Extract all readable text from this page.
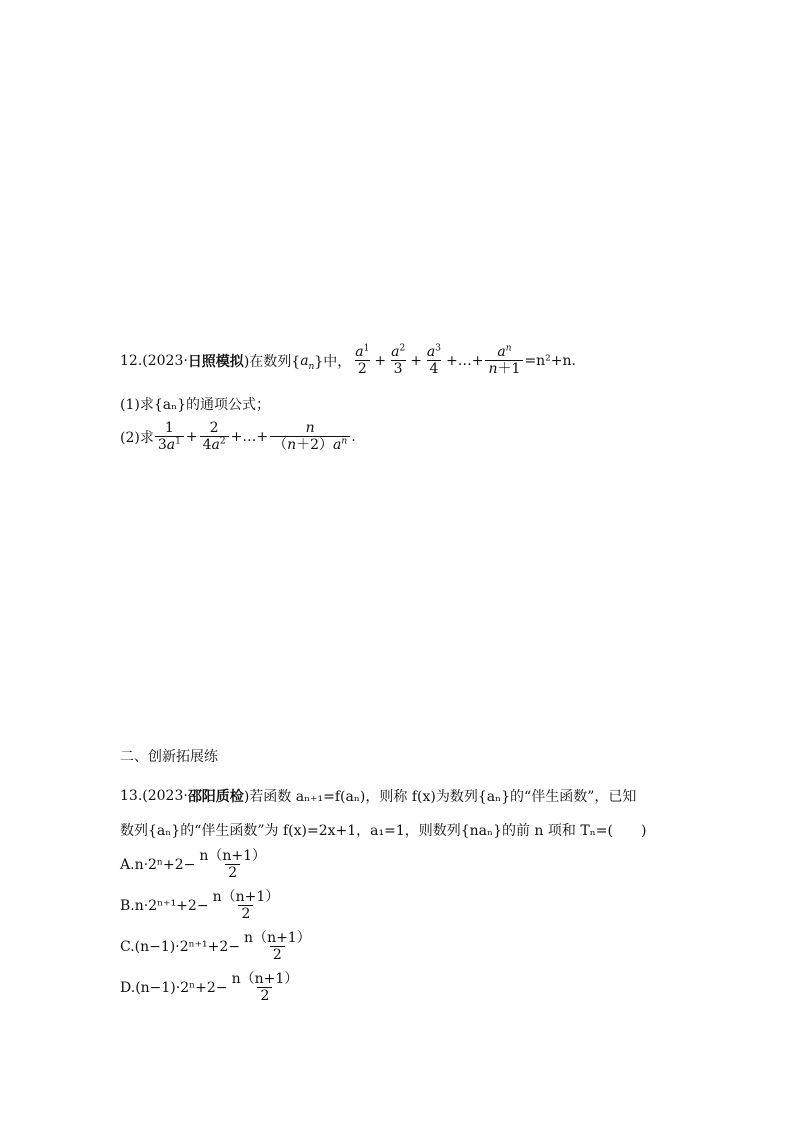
12.(2023· 日照模拟 )在数列{ $a_n$ }中， $\frac{a^1}{2} + \frac{a^2}{3} + \frac{a^3}{4}$ +…+ $\frac{a^n}{n+1} =n^2+n$.
(1)求{aₙ}的通项公式；
(2)求 $\frac{1}{3a^1} + \frac{2}{4a^2}$ +…+ $\frac{n}{(n+2)a^n}$ .
二、创新拓展练
13.(2023· 邵阳质检 )若函数 aₙ₊₁=f(aₙ)，则称 f(x)为数列{aₙ}的“伴生函数”，已知
数列{aₙ}的“伴生函数”为 f(x)=2x+1，a₁=1，则数列{naₙ}的前 n 项和 Tₙ=(　　)
A. $n\cdot 2^n+2- \frac{n(n+1)}{2}$
B. $n\cdot 2^{n+1}+2- \frac{n(n+1)}{2}$
C. $(n-1)\cdot 2^{n+1}+2- \frac{n(n+1)}{2}$
D. $(n-1)\cdot 2^n+2- \frac{n(n+1)}{2}$
